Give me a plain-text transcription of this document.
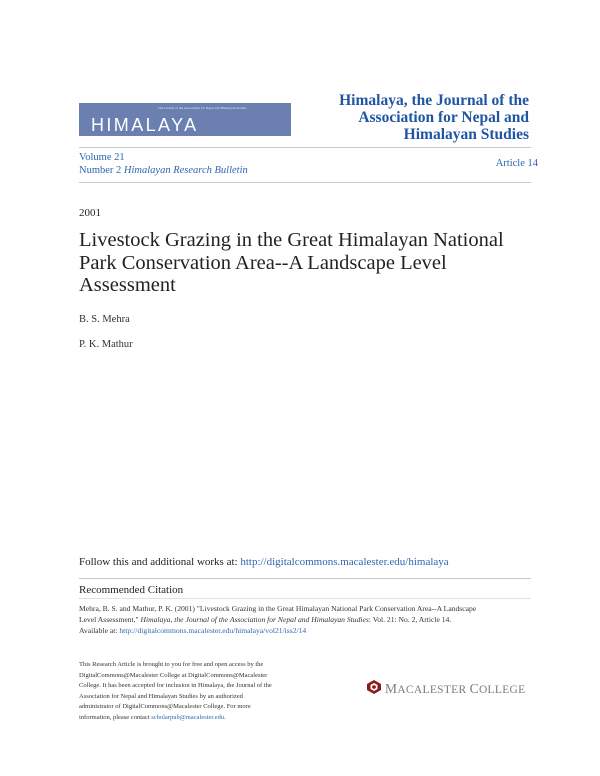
The Journal of the Association for Nepal and Himalayan Studies
HIMALAYA
Himalaya, the Journal of the
Association for Nepal and
Himalayan Studies
Volume 21
Number 2 Himalayan Research Bulletin
Article 14
2001
Livestock Grazing in the Great Himalayan National
Park Conservation Area--A Landscape Level
Assessment
B. S. Mehra
P. K. Mathur
Follow this and additional works at: http://digitalcommons.macalester.edu/himalaya
Recommended Citation
Mehra, B. S. and Mathur, P. K. (2001) "Livestock Grazing in the Great Himalayan National Park Conservation Area--A Landscape
Level Assessment," Himalaya, the Journal of the Association for Nepal and Himalayan Studies: Vol. 21: No. 2, Article 14.
Available at: http://digitalcommons.macalester.edu/himalaya/vol21/iss2/14
This Research Article is brought to you for free and open access by the
DigitalCommons@Macalester College at DigitalCommons@Macalester
College. It has been accepted for inclusion in Himalaya, the Journal of the
Association for Nepal and Himalayan Studies by an authorized
administrator of DigitalCommons@Macalester College. For more
information, please contact scholarpub@macalester.edu.
MACALESTER COLLEGE
